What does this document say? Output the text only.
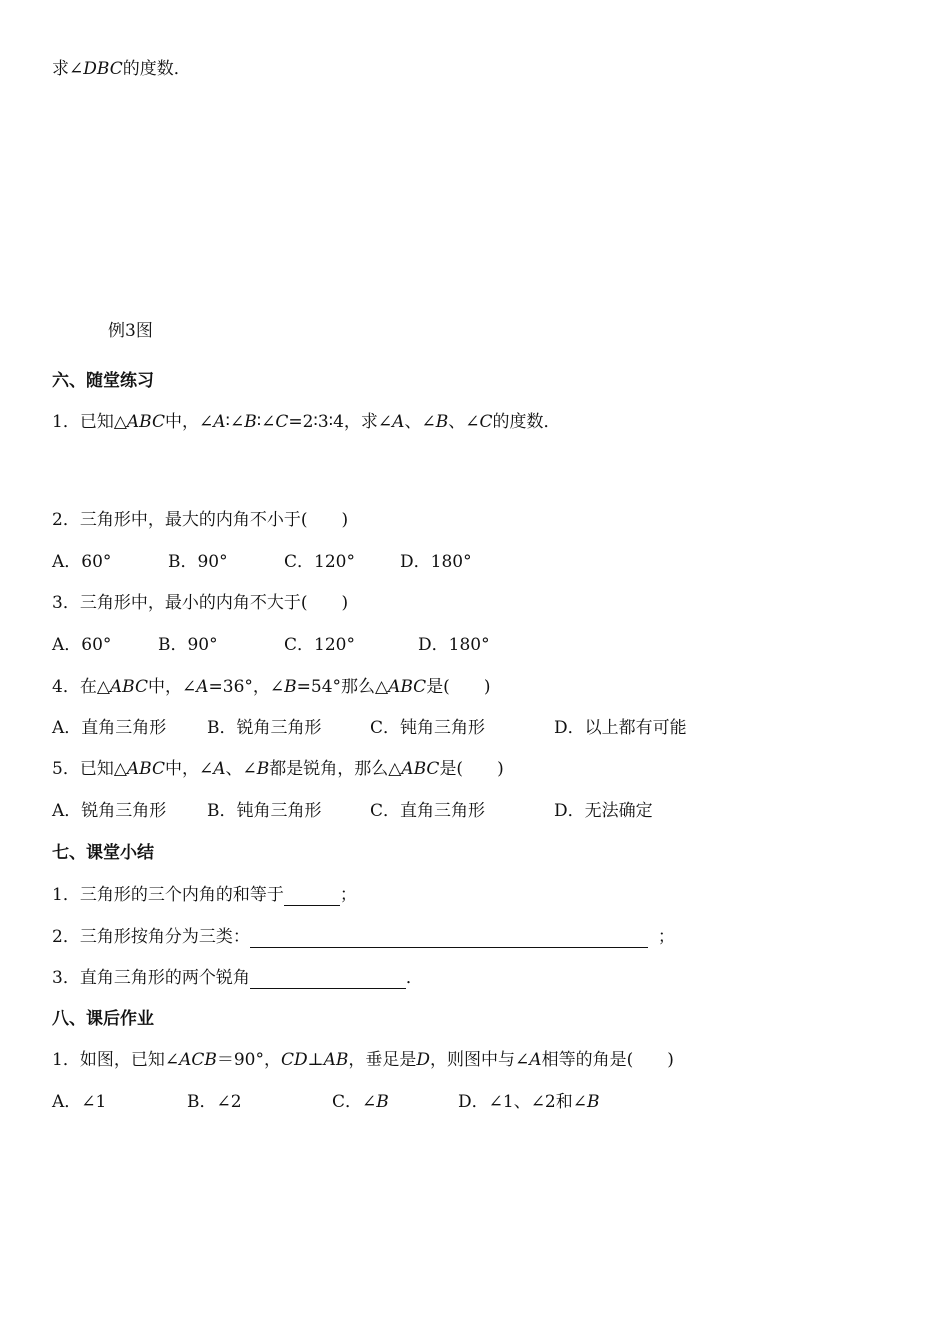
求∠DBC的度数．
例3图
六、随堂练习
1．已知△ABC中，∠A∶∠B∶∠C=2∶3∶4，求∠A、∠B、∠C的度数．
2．三角形中，最大的内角不小于(　　)
A．60°	B．90°	C．120°	D．180°
3．三角形中，最小的内角不大于(　　)
A．60°	B．90°	C．120°	D．180°
4．在△ABC中，∠A=36°，∠B=54°那么△ABC是(　　)
A．直角三角形 B．锐角三角形	C．钝角三角形	D．以上都有可能
5．已知△ABC中，∠A、∠B都是锐角，那么△ABC是(　　)
A．锐角三角形 B．钝角三角形	C．直角三角形	D．无法确定
七、课堂小结
1．三角形的三个内角的和等于	；
2．三角形按角分为三类：	；
3．直角三角形的两个锐角	．
八、课后作业
1．如图，已知∠ACB＝90°，CD⊥AB，垂足是D，则图中与∠A相等的角是(　　)
A．∠1	B．∠2	C．∠B	D．∠1、∠2和∠B
